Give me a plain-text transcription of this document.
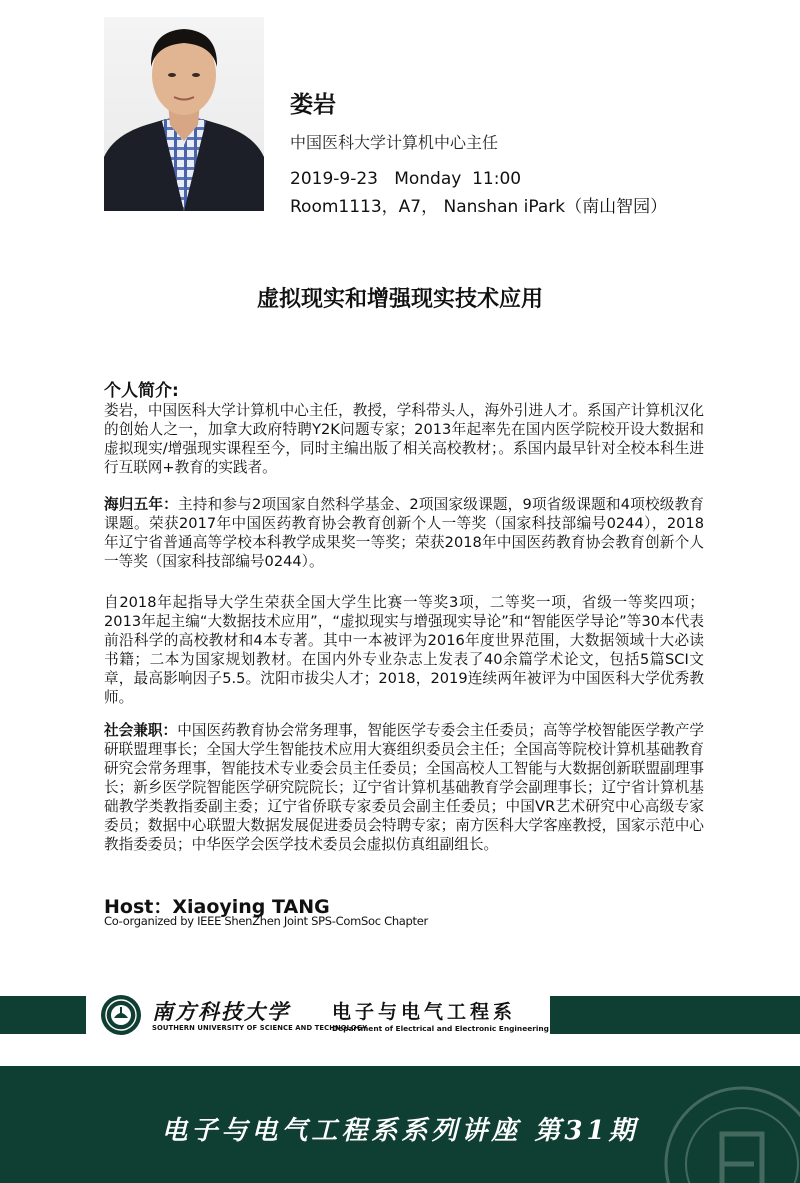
娄岩
中国医科大学计算机中心主任
2019-9-23   Monday  11:00
Room1113，A7， Nanshan iPark（南山智园）
虚拟现实和增强现实技术应用
个人简介:

娄岩，中国医科大学计算机中心主任，教授，学科带头人，海外引进人才。系国产计算机汉化的创始人之一，加拿大政府特聘Y2K问题专家；2013年起率先在国内医学院校开设大数据和虚拟现实/增强现实课程至今，同时主编出版了相关高校教材；。系国内最早针对全校本科生进行互联网+教育的实践者。

海归五年：主持和参与2项国家自然科学基金、2项国家级课题，9项省级课题和4项校级教育课题。荣获2017年中国医药教育协会教育创新个人一等奖（国家科技部编号0244），2018年辽宁省普通高等学校本科教学成果奖一等奖；荣获2018年中国医药教育协会教育创新个人一等奖（国家科技部编号0244）。

自2018年起指导大学生荣获全国大学生比赛一等奖3项，二等奖一项，省级一等奖四项；2013年起主编“大数据技术应用”，“虚拟现实与增强现实导论”和“智能医学导论”等30本代表前沿科学的高校教材和4本专著。其中一本被评为2016年度世界范围，大数据领域十大必读书籍；二本为国家规划教材。在国内外专业杂志上发表了40余篇学术论文，包括5篇SCI文章，最高影响因子5.5。沈阳市拔尖人才；2018，2019连续两年被评为中国医科大学优秀教师。

社会兼职：中国医药教育协会常务理事，智能医学专委会主任委员；高等学校智能医学教产学研联盟理事长；全国大学生智能技术应用大赛组织委员会主任；全国高等院校计算机基础教育研究会常务理事，智能技术专业委会员主任委员；全国高校人工智能与大数据创新联盟副理事长；新乡医学院智能医学研究院院长；辽宁省计算机基础教育学会副理事长；辽宁省计算机基础教学类教指委副主委；辽宁省侨联专家委员会副主任委员；中国VR艺术研究中心高级专家委员；数据中心联盟大数据发展促进委员会特聘专家；南方医科大学客座教授，国家示范中心教指委委员；中华医学会医学技术委员会虚拟仿真组副组长。

Host：Xiaoying TANG
Co-organized by IEEE ShenZhen Joint SPS-ComSoc Chapter
南方科技大学
SOUTHERN UNIVERSITY OF SCIENCE AND TECHNOLOGY
电子与电气工程系
Department of Electrical and Electronic Engineering
电子与电气工程系系列讲座 第31期
